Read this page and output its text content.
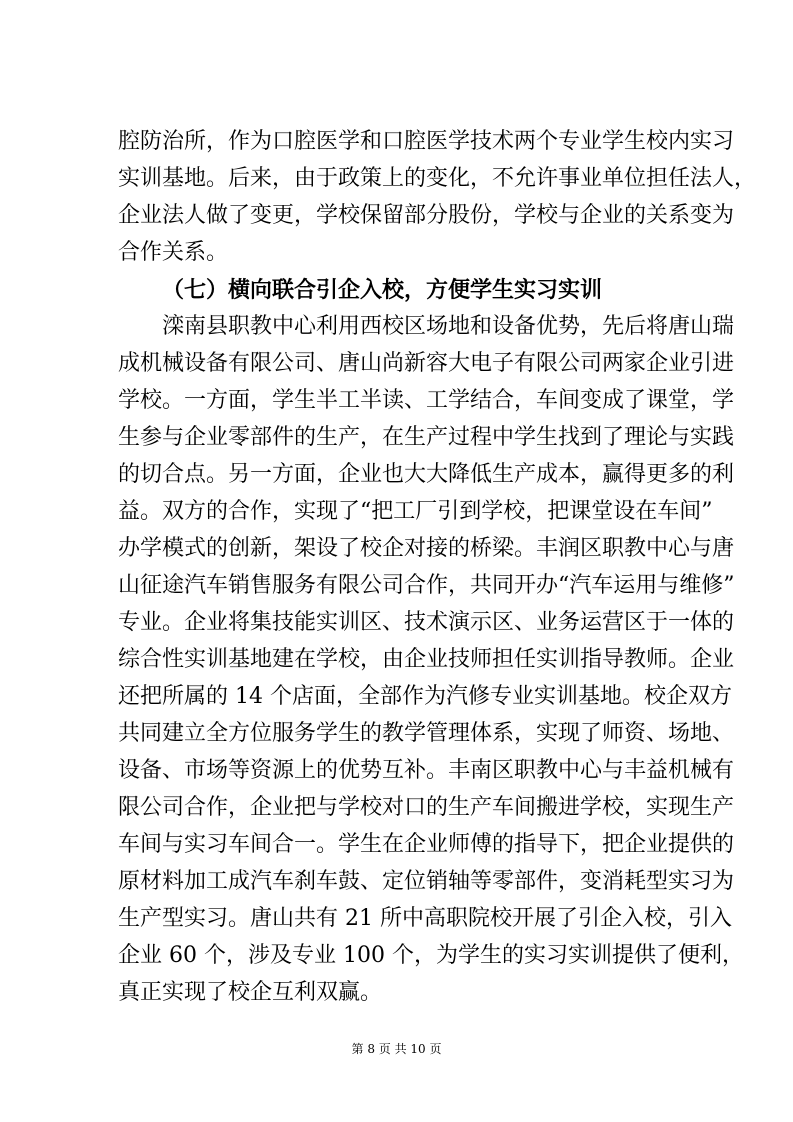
腔防治所，作为口腔医学和口腔医学技术两个专业学生校内实习
实训基地。后来，由于政策上的变化，不允许事业单位担任法人，
企业法人做了变更，学校保留部分股份，学校与企业的关系变为
合作关系。
（七）横向联合引企入校，方便学生实习实训
滦南县职教中心利用西校区场地和设备优势，先后将唐山瑞
成机械设备有限公司、唐山尚新容大电子有限公司两家企业引进
学校。一方面，学生半工半读、工学结合，车间变成了课堂，学
生参与企业零部件的生产，在生产过程中学生找到了理论与实践
的切合点。另一方面，企业也大大降低生产成本，赢得更多的利
益。双方的合作，实现了“把工厂引到学校，把课堂设在车间”
办学模式的创新，架设了校企对接的桥梁。丰润区职教中心与唐
山征途汽车销售服务有限公司合作，共同开办“汽车运用与维修”
专业。企业将集技能实训区、技术演示区、业务运营区于一体的
综合性实训基地建在学校，由企业技师担任实训指导教师。企业
还把所属的 14 个店面，全部作为汽修专业实训基地。校企双方
共同建立全方位服务学生的教学管理体系，实现了师资、场地、
设备、市场等资源上的优势互补。丰南区职教中心与丰益机械有
限公司合作，企业把与学校对口的生产车间搬进学校，实现生产
车间与实习车间合一。学生在企业师傅的指导下，把企业提供的
原材料加工成汽车刹车鼓、定位销轴等零部件，变消耗型实习为
生产型实习。唐山共有 21 所中高职院校开展了引企入校，引入
企业 60 个，涉及专业 100 个，为学生的实习实训提供了便利，
真正实现了校企互利双赢。
第 8 页 共 10 页
